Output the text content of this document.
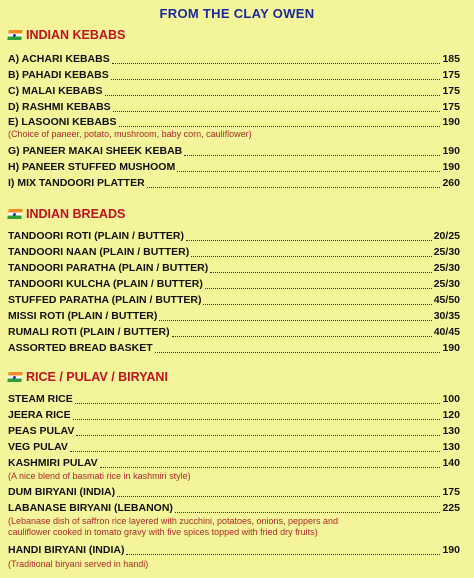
FROM THE CLAY OWEN
INDIAN KEBABS
A) ACHARI KEBABS	185
B) PAHADI KEBABS	175
C) MALAI KEBABS	175
D) RASHMI KEBABS	175
E) LASOONI KEBABS	190
(Choice of paneer, potato, mushroom, baby corn, cauliflower)
G) PANEER MAKAI SHEEK KEBAB	190
H) PANEER STUFFED MUSHOOM	190
I) MIX TANDOORI PLATTER	260
INDIAN BREADS
TANDOORI ROTI (PLAIN / BUTTER)	20/25
TANDOORI NAAN (PLAIN / BUTTER)	25/30
TANDOORI PARATHA (PLAIN / BUTTER)	25/30
TANDOORI KULCHA (PLAIN / BUTTER)	25/30
STUFFED PARATHA (PLAIN / BUTTER)	45/50
MISSI ROTI (PLAIN / BUTTER)	30/35
RUMALI ROTI (PLAIN / BUTTER)	40/45
ASSORTED BREAD BASKET	190
RICE / PULAV / BIRYANI
STEAM RICE	100
JEERA RICE	120
PEAS PULAV	130
VEG PULAV	130
KASHMIRI PULAV	140
(A nice blend of basmati rice in kashmiri style)
DUM BIRYANI (INDIA)	175
LABANASE BIRYANI (LEBANON)	225
(Lebanase dish of saffron rice layered with zucchini, potatoes, onions, peppers and
cauliflower cooked in tomato gravy with five spices topped with fried dry fruits)
HANDI BIRYANI (INDIA)	190
(Traditional biryani served in handi)
